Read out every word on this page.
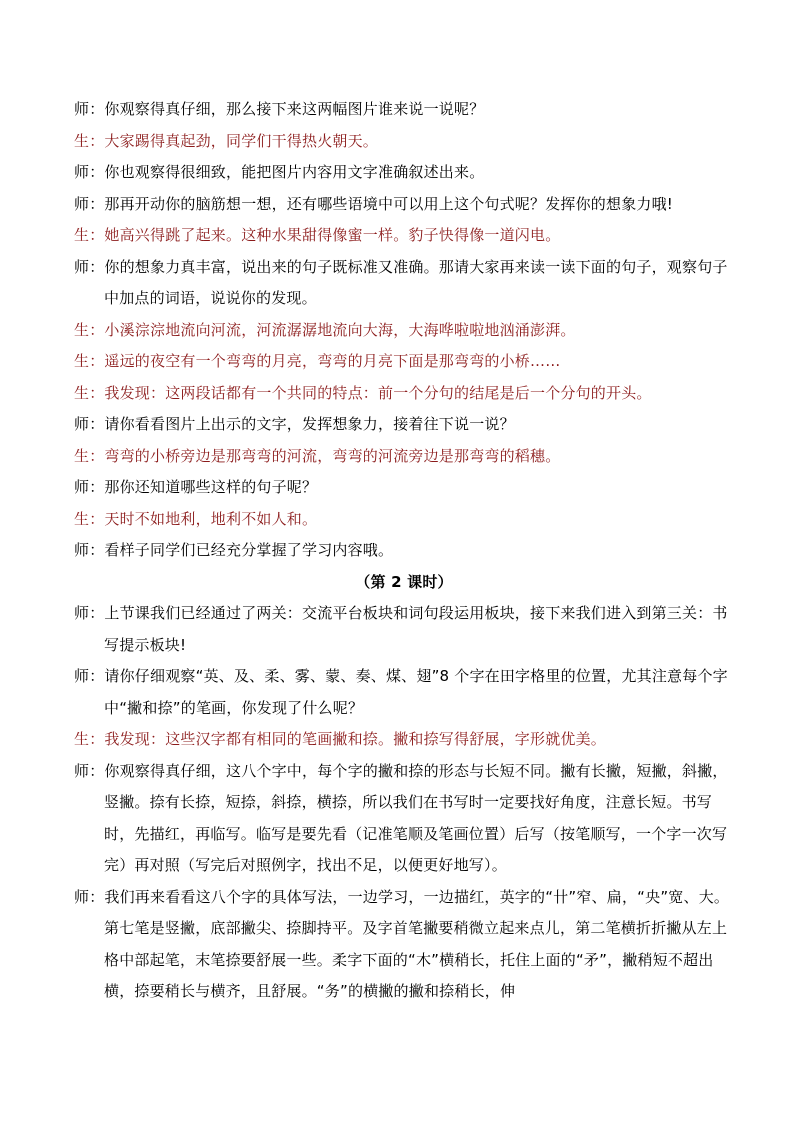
师：你观察得真仔细，那么接下来这两幅图片谁来说一说呢？
生：大家踢得真起劲，同学们干得热火朝天。
师：你也观察得很细致，能把图片内容用文字准确叙述出来。
师：那再开动你的脑筋想一想，还有哪些语境中可以用上这个句式呢？发挥你的想象力哦!
生：她高兴得跳了起来。这种水果甜得像蜜一样。豹子快得像一道闪电。
师：你的想象力真丰富，说出来的句子既标准又准确。那请大家再来读一读下面的句子，观察句子中加点的词语，说说你的发现。
生：小溪淙淙地流向河流，河流潺潺地流向大海，大海哗啦啦地汹涌澎湃。
生：遥远的夜空有一个弯弯的月亮，弯弯的月亮下面是那弯弯的小桥……
生：我发现：这两段话都有一个共同的特点：前一个分句的结尾是后一个分句的开头。
师：请你看看图片上出示的文字，发挥想象力，接着往下说一说？
生：弯弯的小桥旁边是那弯弯的河流，弯弯的河流旁边是那弯弯的稻穗。
师：那你还知道哪些这样的句子呢？
生：天时不如地利，地利不如人和。
师：看样子同学们已经充分掌握了学习内容哦。
（第 2 课时）
师：上节课我们已经通过了两关：交流平台板块和词句段运用板块，接下来我们进入到第三关：书写提示板块!
师：请你仔细观察“英、及、柔、雾、蒙、奏、煤、翅”8 个字在田字格里的位置，尤其注意每个字中“撇和捺”的笔画，你发现了什么呢？
生：我发现：这些汉字都有相同的笔画撇和捺。撇和捺写得舒展，字形就优美。
师：你观察得真仔细，这八个字中，每个字的撇和捺的形态与长短不同。撇有长撇，短撇，斜撇，竖撇。捺有长捺，短捺，斜捺，横捺，所以我们在书写时一定要找好角度，注意长短。书写时，先描红，再临写。临写是要先看（记准笔顺及笔画位置）后写（按笔顺写，一个字一次写完）再对照（写完后对照例字，找出不足，以便更好地写）。
师：我们再来看看这八个字的具体写法，一边学习，一边描红，英字的“卄”窄、扁，“央”宽、大。第七笔是竖撇，底部撇尖、捺脚持平。及字首笔撇要稍微立起来点儿，第二笔横折折撇从左上格中部起笔，末笔捺要舒展一些。柔字下面的“木”横稍长，托住上面的“矛”，撇稍短不超出横，捺要稍长与横齐，且舒展。“务”的横撇的撇和捺稍长，伸
